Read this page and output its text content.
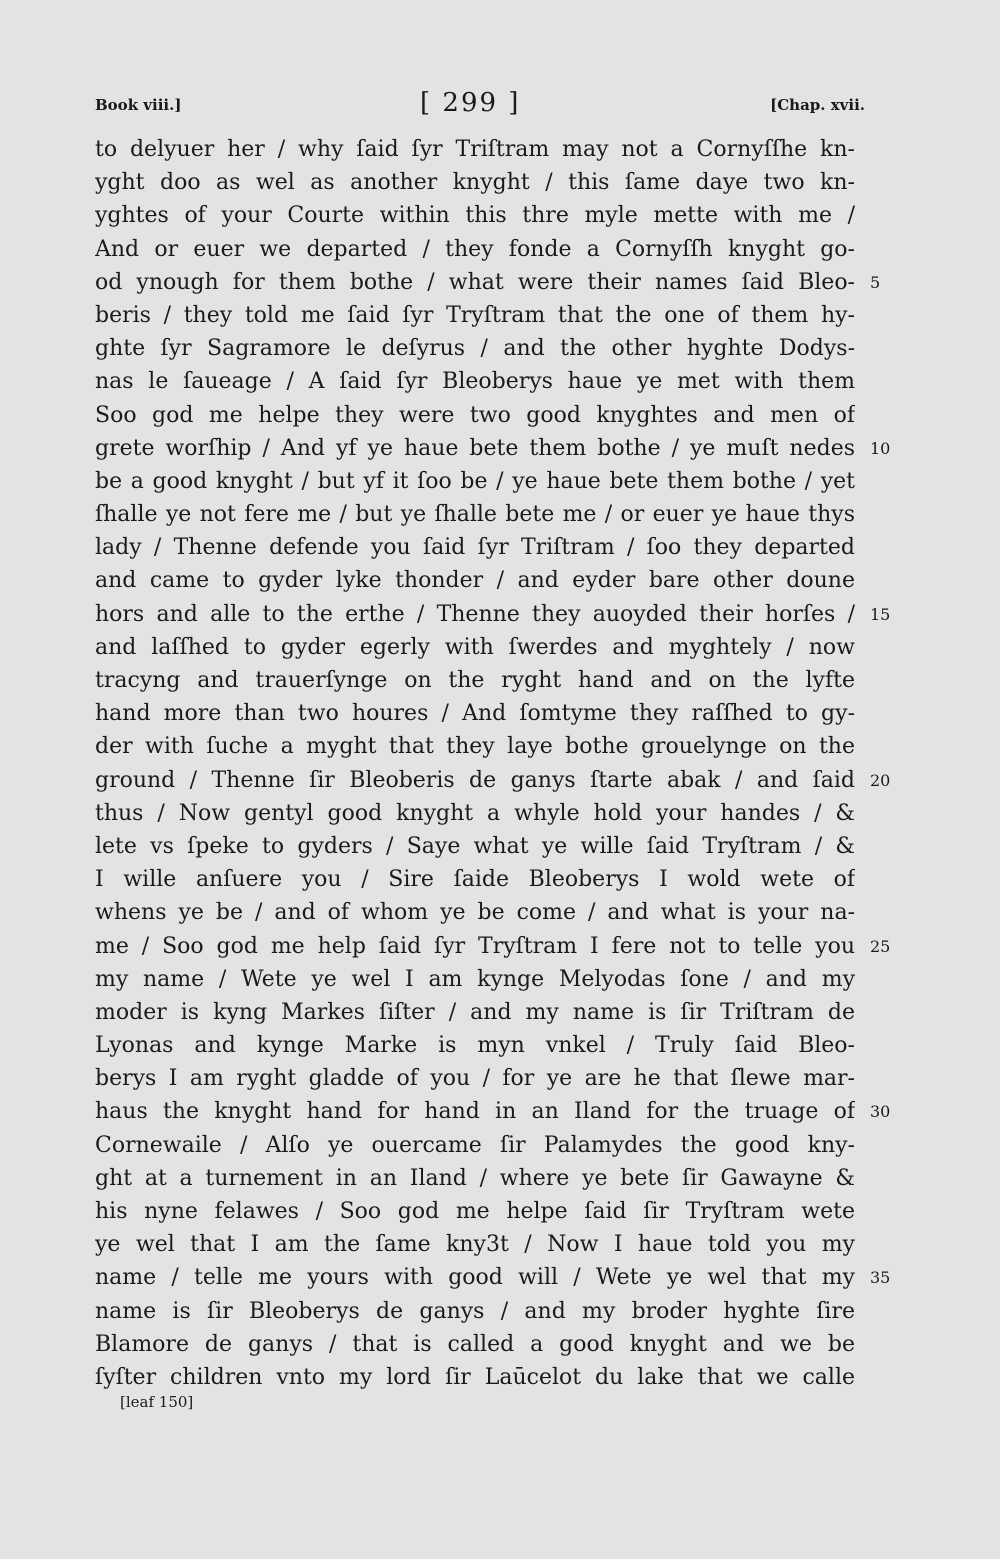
Book viii.]	[ 299 ]	[Chap. xvii.
to delyuer her / why ſaid ſyr Triſtram may not a Cornyſſhe kn-
yght doo as wel as another knyght / this ſame daye two kn-
yghtes of your Courte within this thre myle mette with me /
And or euer we departed / they fonde a Cornyſſh knyght go-
od ynough for them bothe / what were their names ſaid Bleo- 5
beris / they told me ſaid ſyr Tryſtram that the one of them hy-
ghte ſyr Sagramore le deſyrus / and the other hyghte Dodys-
nas le ſaueage / A ſaid ſyr Bleoberys haue ye met with them
Soo god me helpe they were two good knyghtes and men of
grete worſhip / And yf ye haue bete them bothe / ye muſt nedes 10
be a good knyght / but yf it ſoo be / ye haue bete them bothe / yet
ſhalle ye not fere me / but ye ſhalle bete me / or euer ye haue thys
lady / Thenne defende you ſaid ſyr Triſtram / ſoo they departed
and came to gyder lyke thonder / and eyder bare other doune
hors and alle to the erthe / Thenne they auoyded their horſes / 15
and laſſhed to gyder egerly with ſwerdes and myghtely / now
tracyng and trauerſynge on the ryght hand and on the lyfte
hand more than two houres / And ſomtyme they raſſhed to gy-
der with ſuche a myght that they laye bothe grouelynge on the
ground / Thenne ſir Bleoberis de ganys ſtarte abak / and ſaid 20
thus / Now gentyl good knyght a whyle hold your handes / &
lete vs ſpeke to gyders / Saye what ye wille ſaid Tryſtram / &
I wille anſuere you / Sire ſaide Bleoberys I wold wete of
whens ye be / and of whom ye be come / and what is your na-
me / Soo god me help ſaid ſyr Tryſtram I fere not to telle you 25
my name / Wete ye wel I am kynge Melyodas ſone / and my
moder is kyng Markes ſiſter / and my name is ſir Triſtram de
Lyonas and kynge Marke is myn vnkel / Truly ſaid Bleo-
berys I am ryght gladde of you / for ye are he that ſlewe mar-
haus the knyght hand for hand in an Iland for the truage of 30
Cornewaile / Alſo ye ouercame ſir Palamydes the good kny-
ght at a turnement in an Iland / where ye bete ſir Gawayne &
his nyne felawes / Soo god me helpe ſaid ſir Tryſtram wete
ye wel that I am the ſame kny3t / Now I haue told you my
name / telle me yours with good will / Wete ye wel that my 35
name is ſir Bleoberys de ganys / and my broder hyghte ſire
Blamore de ganys / that is called a good knyght and we be
ſyſter children vnto my lord ſir Laūcelot du lake that we calle
[leaf 150]
